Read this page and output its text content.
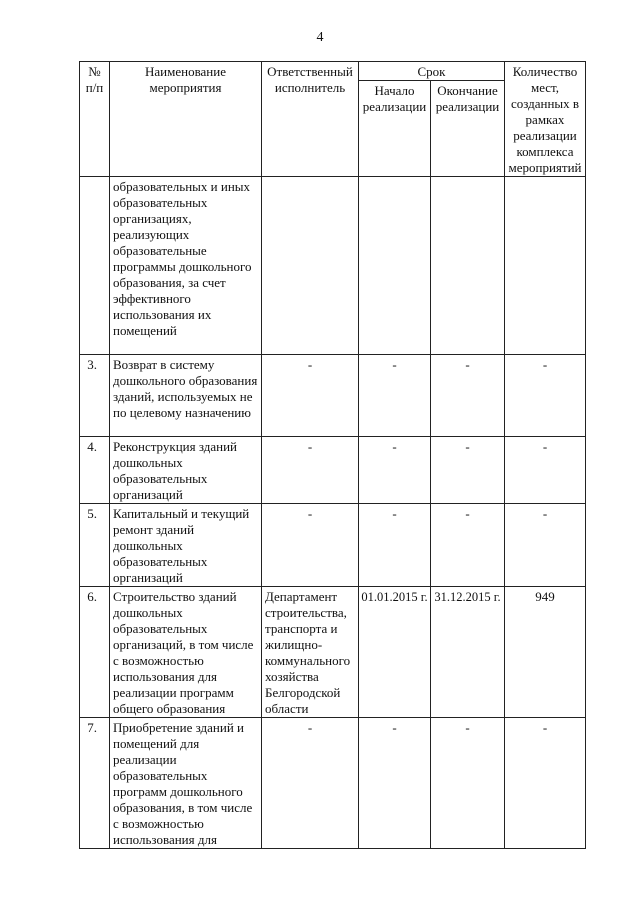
4
№ п/п	Наименование мероприятия	Ответственный исполнитель	Срок		Количество мест, созданных в рамках реализации комплекса мероприятий
			Начало реализации	Окончание реализации	
	образовательных и иных образовательных организациях, реализующих образовательные программы дошкольного образования, за счет эффективного использования их помещений				
3.	Возврат в систему дошкольного образования зданий, используемых не по целевому назначению	-	-	-	-
4.	Реконструкция зданий дошкольных образовательных организаций	-	-	-	-
5.	Капитальный и текущий ремонт зданий дошкольных образовательных организаций	-	-	-	-
6.	Строительство зданий дошкольных образовательных организаций, в том числе с возможностью использования для реализации программ общего образования	Департамент строительства, транспорта и жилищно-коммунального хозяйства Белгородской области	01.01.2015 г.	31.12.2015 г.	949
7.	Приобретение зданий и помещений для реализации образовательных программ дошкольного образования, в том числе с возможностью использования для	-	-	-	-
